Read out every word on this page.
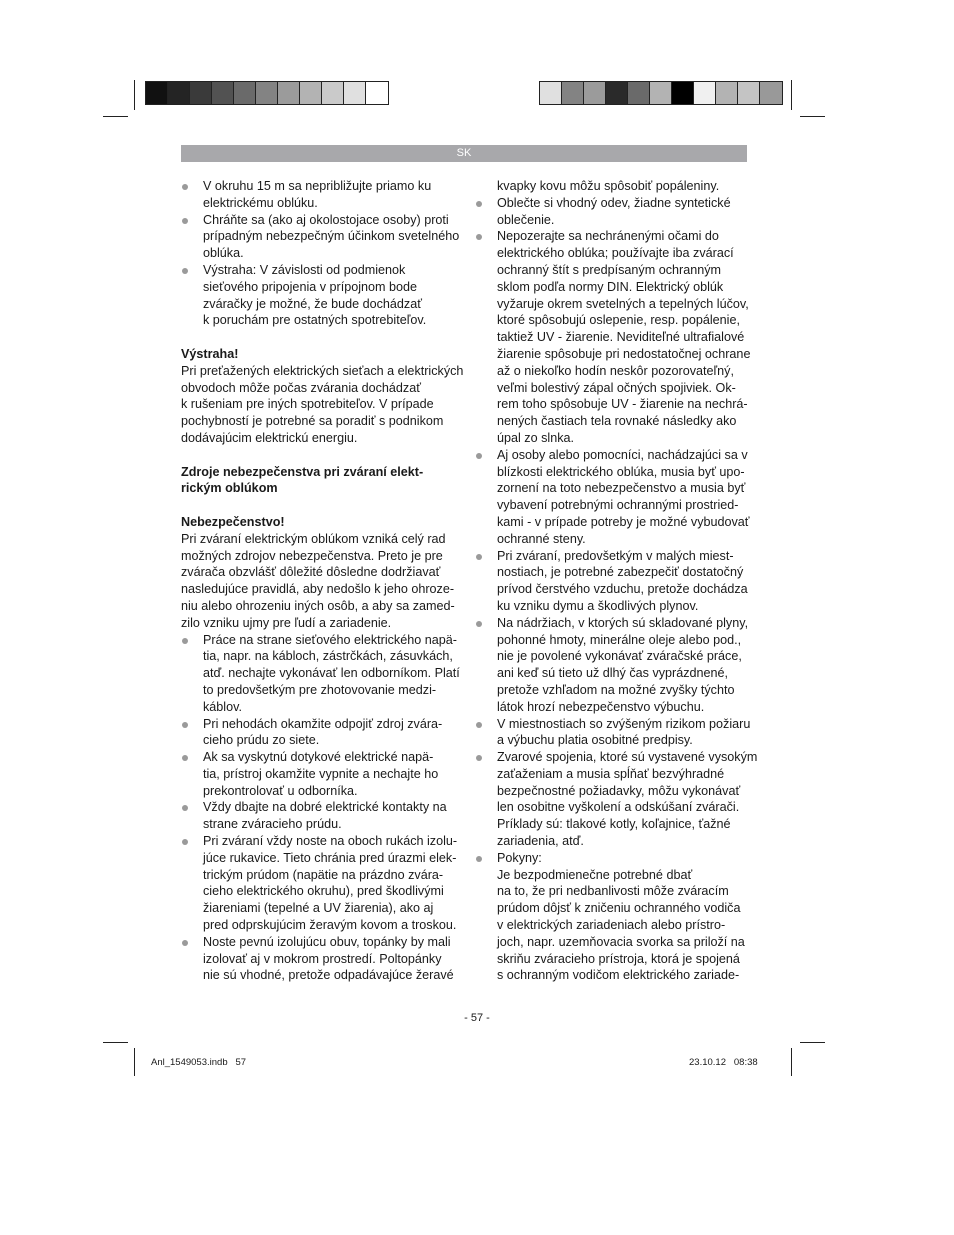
SK
V okruhu 15 m sa nepribližujte priamo ku
elektrickému oblúku.
Chráňte sa (ako aj okolostojace osoby) proti
prípadným nebezpečným účinkom svetelného
oblúka.
Výstraha: V závislosti od podmienok
sieťového pripojenia v prípojnom bode
zváračky je možné, že bude dochádzať
k poruchám pre ostatných spotrebiteľov.

Výstraha!

Pri preťažených elektrických sieťach a elektrických
obvodoch môže počas zvárania dochádzať
k rušeniam pre iných spotrebiteľov. V prípade
pochybností je potrebné sa poradiť s podnikom
dodávajúcim elektrickú energiu.

Zdroje nebezpečenstva pri zváraní elekt-
rickým oblúkom

Nebezpečenstvo!

Pri zváraní elektrickým oblúkom vzniká celý rad
možných zdrojov nebezpečenstva. Preto je pre
zvárača obzvlášť dôležité dôsledne dodržiavať
nasledujúce pravidlá, aby nedošlo k jeho ohroze-
niu alebo ohrozeniu iných osôb, a aby sa zamed-
zilo vzniku ujmy pre ľudí a zariadenie.

Práce na strane sieťového elektrického napä-
tia, napr. na kábloch, zástrčkách, zásuvkách,
atď. nechajte vykonávať len odborníkom. Platí
to predovšetkým pre zhotovovanie medzi-
káblov.
Pri nehodách okamžite odpojiť zdroj zvára-
cieho prúdu zo siete.
Ak sa vyskytnú dotykové elektrické napä-
tia, prístroj okamžite vypnite a nechajte ho
prekontrolovať u odborníka.
Vždy dbajte na dobré elektrické kontakty na
strane zváracieho prúdu.
Pri zváraní vždy noste na oboch rukách izolu-
júce rukavice. Tieto chránia pred úrazmi elek-
trickým prúdom (napätie na prázdno zvára-
cieho elektrického okruhu), pred škodlivými
žiareniami (tepelné a UV žiarenia), ako aj
pred odprskujúcim žeravým kovom a troskou.
Noste pevnú izolujúcu obuv, topánky by mali
izolovať aj v mokrom prostredí. Poltopánky
nie sú vhodné, pretože odpadávajúce žeravé

kvapky kovu môžu spôsobiť popáleniny.

Oblečte si vhodný odev, žiadne syntetické
oblečenie.
Nepozerajte sa nechránenými očami do
elektrického oblúka; používajte iba zvárací
ochranný štít s predpísaným ochranným
sklom podľa normy DIN. Elektrický oblúk
vyžaruje okrem svetelných a tepelných lúčov,
ktoré spôsobujú oslepenie, resp. popálenie,
taktiež UV - žiarenie. Neviditeľné ultrafialové
žiarenie spôsobuje pri nedostatočnej ochrane
až o niekoľko hodín neskôr pozorovateľný,
veľmi bolestivý zápal očných spojiviek. Ok-
rem toho spôsobuje UV - žiarenie na nechrá-
nených častiach tela rovnaké následky ako
úpal zo slnka.
Aj osoby alebo pomocníci, nachádzajúci sa v
blízkosti elektrického oblúka, musia byť upo-
zornení na toto nebezpečenstvo a musia byť
vybavení potrebnými ochrannými prostried-
kami - v prípade potreby je možné vybudovať
ochranné steny.
Pri zváraní, predovšetkým v malých miest-
nostiach, je potrebné zabezpečiť dostatočný
prívod čerstvého vzduchu, pretože dochádza
ku vzniku dymu a škodlivých plynov.
Na nádržiach, v ktorých sú skladované plyny,
pohonné hmoty, minerálne oleje alebo pod.,
nie je povolené vykonávať zváračské práce,
ani keď sú tieto už dlhý čas vyprázdnené,
pretože vzhľadom na možné zvyšky týchto
látok hrozí nebezpečenstvo výbuchu.
V miestnostiach so zvýšeným rizikom požiaru
a výbuchu platia osobitné predpisy.
Zvarové spojenia, ktoré sú vystavené vysokým
zaťaženiam a musia spĺňať bezvýhradné
bezpečnostné požiadavky, môžu vykonávať
len osobitne vyškolení a odskúšaní zvárači.
Príklady sú: tlakové kotly, koľajnice, ťažné
zariadenia, atď.
Pokyny:
Je bezpodmienečne potrebné dbať
na to, že pri nedbanlivosti môže zváracím
prúdom dôjsť k zničeniu ochranného vodiča
v elektrických zariadeniach alebo prístro-
joch, napr. uzemňovacia svorka sa priloží na
skriňu zváracieho prístroja, ktorá je spojená
s ochranným vodičom elektrického zariade-
- 57 -
Anl_1549053.indb   57	23.10.12   08:38
